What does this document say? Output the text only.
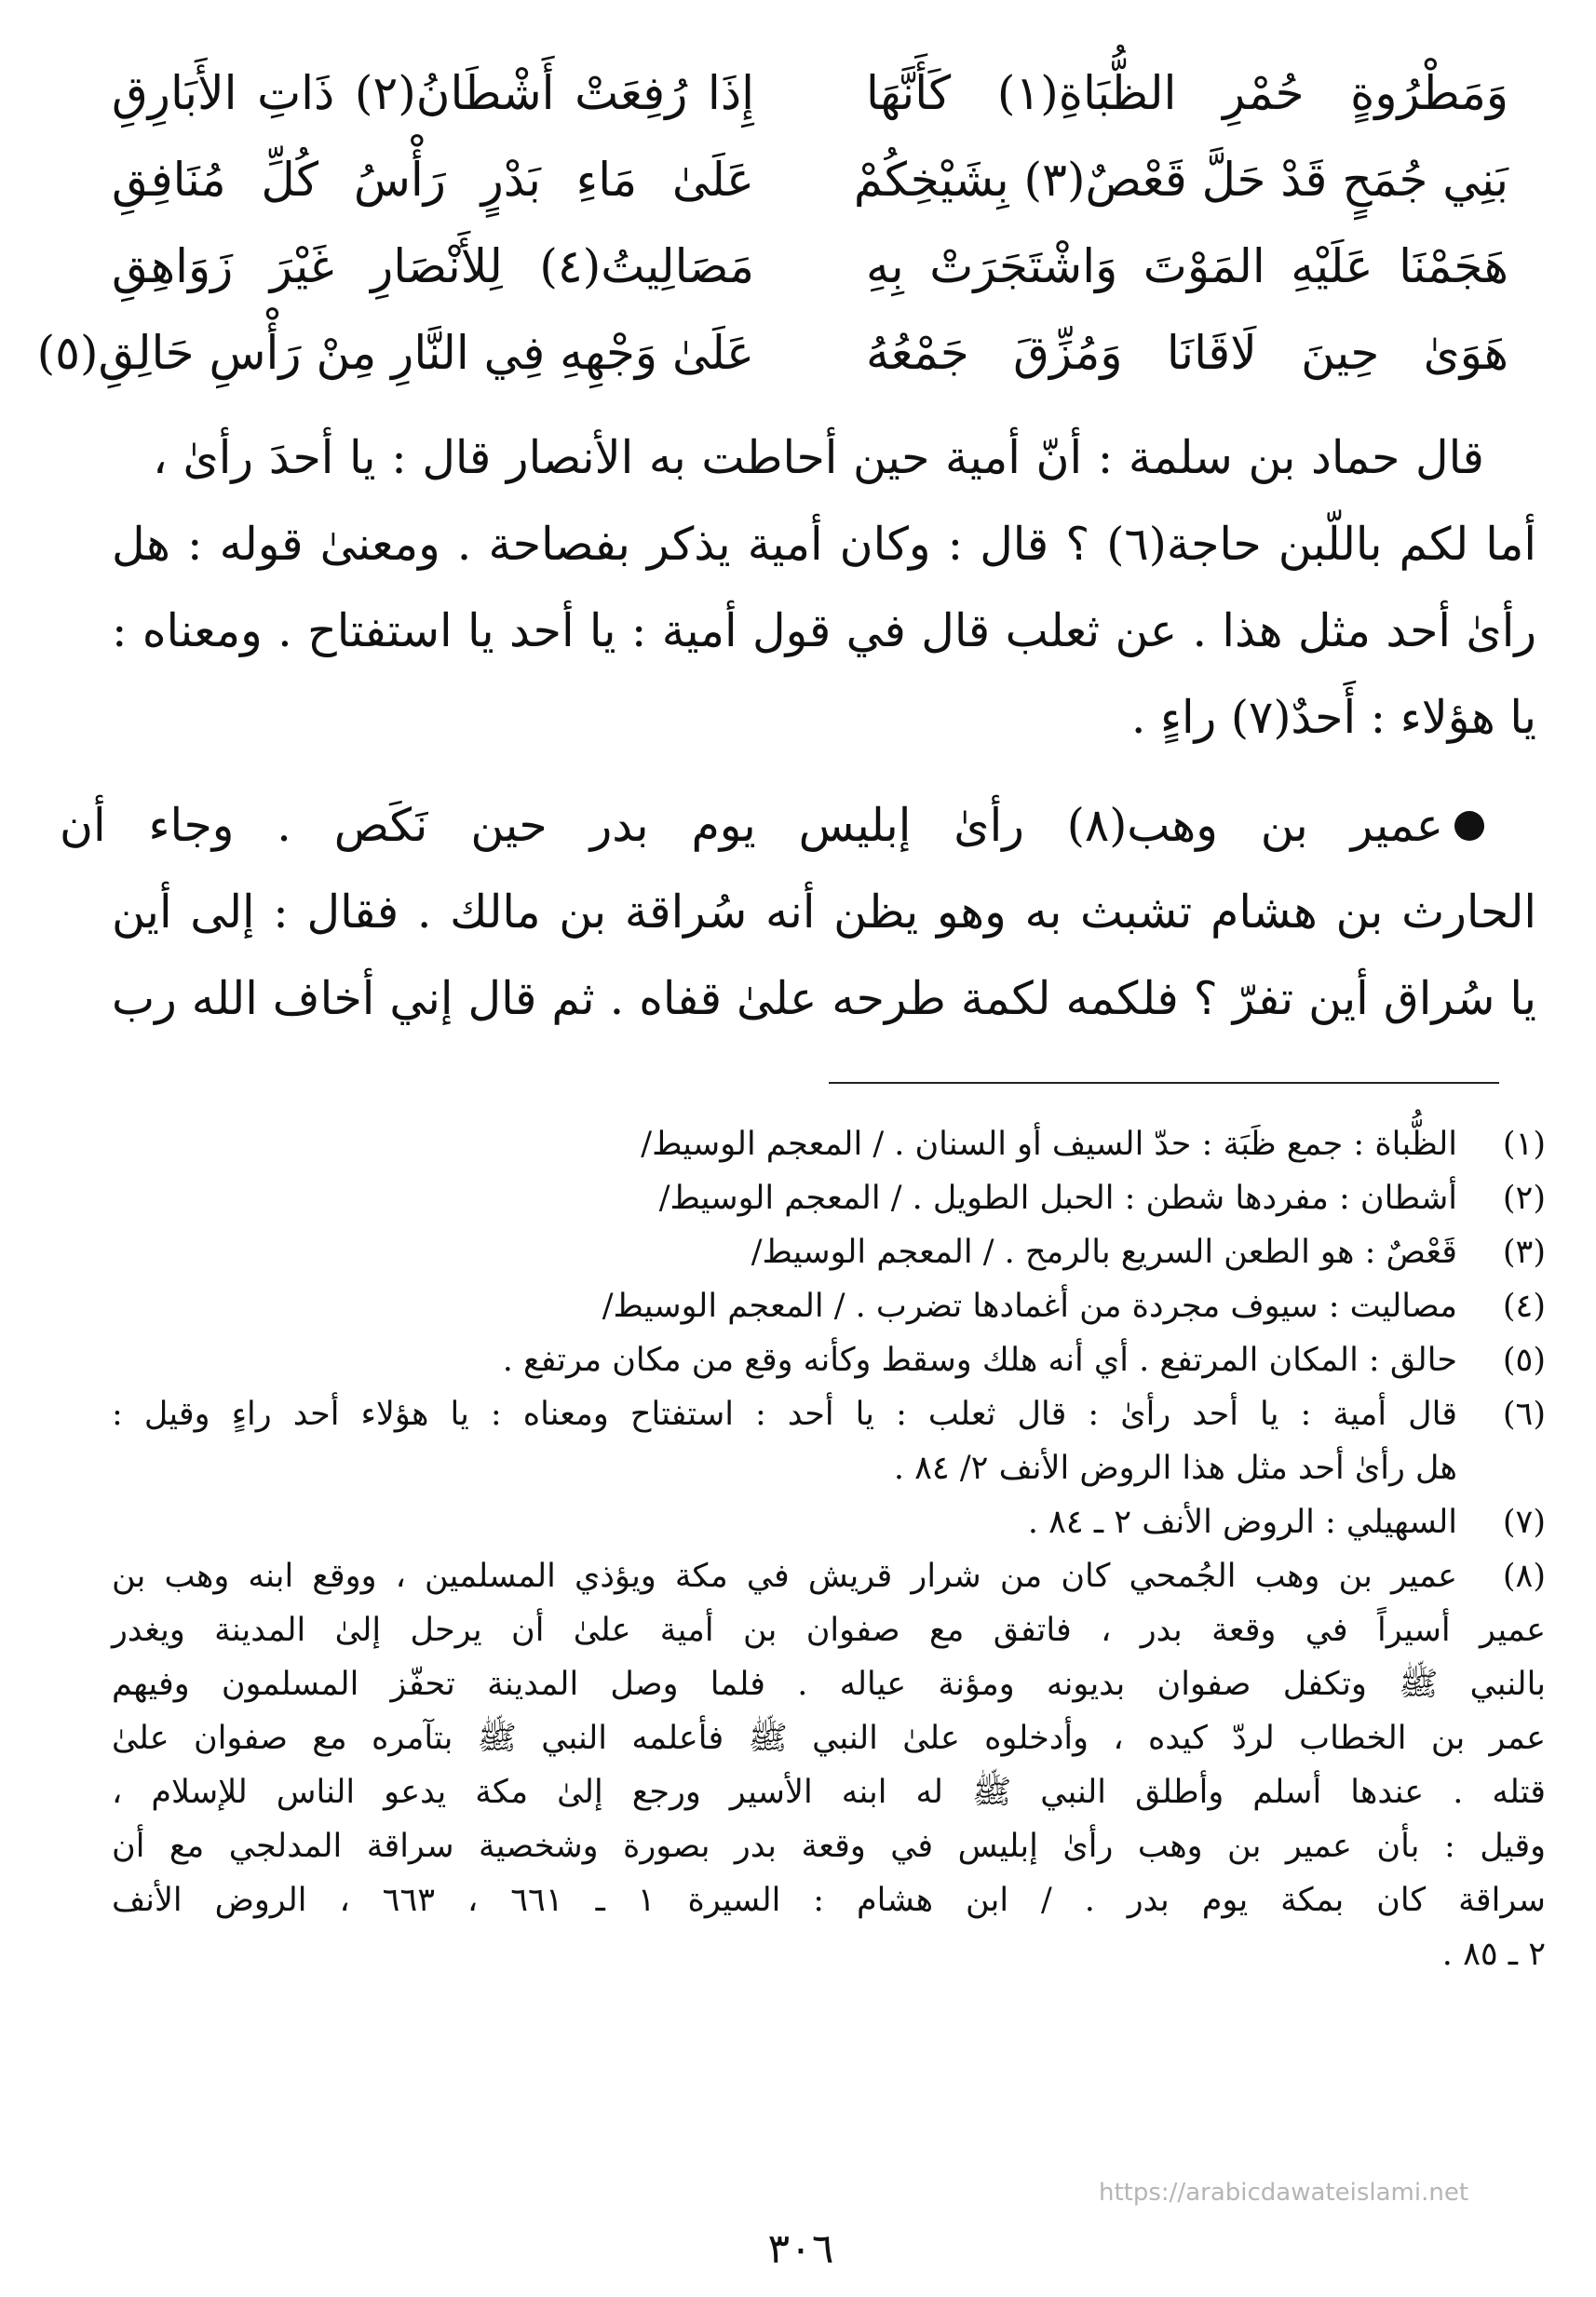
وَمَطْرُوةٍ حُمْرِ الظُّبَاةِ(١) كَأَنَّهَا
إِذَا رُفِعَتْ أَشْطَانُ(٢) ذَاتِ الأَبَارِقِ
بَنِي جُمَحٍ قَدْ حَلَّ قَعْصٌ(٣) بِشَيْخِكُمْ
عَلَىٰ مَاءِ بَدْرٍ رَأْسُ كُلِّ مُنَافِقِ
هَجَمْنَا عَلَيْهِ المَوْتَ وَاشْتَجَرَتْ بِهِ
مَصَالِيتُ(٤) لِلأَنْصَارِ غَيْرَ زَوَاهِقِ
هَوَىٰ حِينَ لَاقَانَا وَمُزِّقَ جَمْعُهُ
عَلَىٰ وَجْهِهِ فِي النَّارِ مِنْ رَأْسِ حَالِقِ(٥)
قال حماد بن سلمة : أنّ أمية حين أحاطت به الأنصار قال : يا أحدَ رأىٰ ،
أما لكم باللّبن حاجة(٦) ؟ قال : وكان أمية يذكر بفصاحة . ومعنىٰ قوله : هل
رأىٰ أحد مثل هذا . عن ثعلب قال في قول أمية : يا أحد يا استفتاح . ومعناه :
يا هؤلاء : أَحدٌ(٧) راءٍ .
عمير بن وهب(٨) رأىٰ إبليس يوم بدر حين نَكَص . وجاء أن
الحارث بن هشام تشبث به وهو يظن أنه سُراقة بن مالك . فقال : إلى أين
يا سُراق أين تفرّ ؟ فلكمه لكمة طرحه علىٰ قفاه . ثم قال إني أخاف الله رب
(١)
الظُّباة : جمع ظَبَة : حدّ السيف أو السنان . / المعجم الوسيط/
(٢)
أشطان : مفردها شطن : الحبل الطويل . / المعجم الوسيط/
(٣)
قَعْصٌ : هو الطعن السريع بالرمح . / المعجم الوسيط/
(٤)
مصاليت : سيوف مجردة من أغمادها تضرب . / المعجم الوسيط/
(٥)
حالق : المكان المرتفع . أي أنه هلك وسقط وكأنه وقع من مكان مرتفع .
(٦)
قال أمية : يا أحد رأىٰ : قال ثعلب : يا أحد : استفتاح ومعناه : يا هؤلاء أحد راءٍ وقيل :
هل رأىٰ أحد مثل هذا الروض الأنف ٢/ ٨٤ .
(٧)
السهيلي : الروض الأنف ٢ ـ ٨٤ .
(٨)
عمير بن وهب الجُمحي كان من شرار قريش في مكة ويؤذي المسلمين ، ووقع ابنه وهب بن
عمير أسيراً في وقعة بدر ، فاتفق مع صفوان بن أمية علىٰ أن يرحل إلىٰ المدينة ويغدر
بالنبي ﷺ وتكفل صفوان بديونه ومؤنة عياله . فلما وصل المدينة تحفّز المسلمون وفيهم
عمر بن الخطاب لردّ كيده ، وأدخلوه علىٰ النبي ﷺ فأعلمه النبي ﷺ بتآمره مع صفوان علىٰ
قتله . عندها أسلم وأطلق النبي ﷺ له ابنه الأسير ورجع إلىٰ مكة يدعو الناس للإسلام ،
وقيل : بأن عمير بن وهب رأىٰ إبليس في وقعة بدر بصورة وشخصية سراقة المدلجي مع أن
سراقة كان بمكة يوم بدر . / ابن هشام : السيرة ١ ـ ٦٦١ ، ٦٦٣ ، الروض الأنف
٢ ـ ٨٥ .
https://arabicdawateislami.net
٣٠٦
